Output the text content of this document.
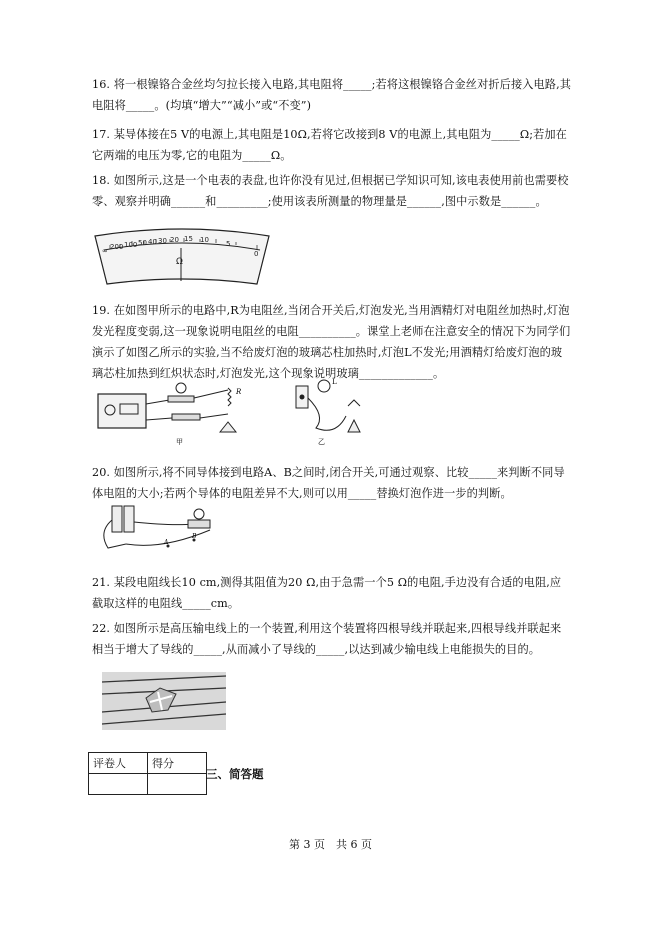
16. 将一根镍铬合金丝均匀拉长接入电路,其电阻将_____;若将这根镍铬合金丝对折后接入电路,其电阻将_____。(均填“增大”“减小”或“不变”)
17. 某导体接在5 V的电源上,其电阻是10Ω,若将它改接到8 V的电源上,其电阻为_____Ω;若加在它两端的电压为零,它的电阻为_____Ω。
18. 如图所示,这是一个电表的表盘,也许你没有见过,但根据已学知识可知,该电表使用前也需要校零、观察并明确______和_________;使用该表所测量的物理量是______,图中示数是______。
∞ 200 100 50 40 30 20 15 10 5
0
Ω
19. 在如图甲所示的电路中,R为电阻丝,当闭合开关后,灯泡发光,当用酒精灯对电阻丝加热时,灯泡发光程度变弱,这一现象说明电阻丝的电阻__________。课堂上老师在注意安全的情况下为同学们演示了如图乙所示的实验,当不给废灯泡的玻璃芯柱加热时,灯泡L不发光;用酒精灯给废灯泡的玻璃芯柱加热到红炽状态时,灯泡发光,这个现象说明玻璃_____________。
R
甲
L
乙
20. 如图所示,将不同导体接到电路A、B之间时,闭合开关,可通过观察、比较_____来判断不同导体电阻的大小;若两个导体的电阻差异不大,则可以用_____替换灯泡作进一步的判断。
A
B
21. 某段电阻线长10 cm,测得其阻值为20 Ω,由于急需一个5 Ω的电阻,手边没有合适的电阻,应截取这样的电阻线_____cm。
22. 如图所示是高压输电线上的一个装置,利用这个装置将四根导线并联起来,四根导线并联起来相当于增大了导线的_____,从而减小了导线的_____,以达到减少输电线上电能损失的目的。
评卷人	得分

三、简答题
第 3 页　共 6 页
